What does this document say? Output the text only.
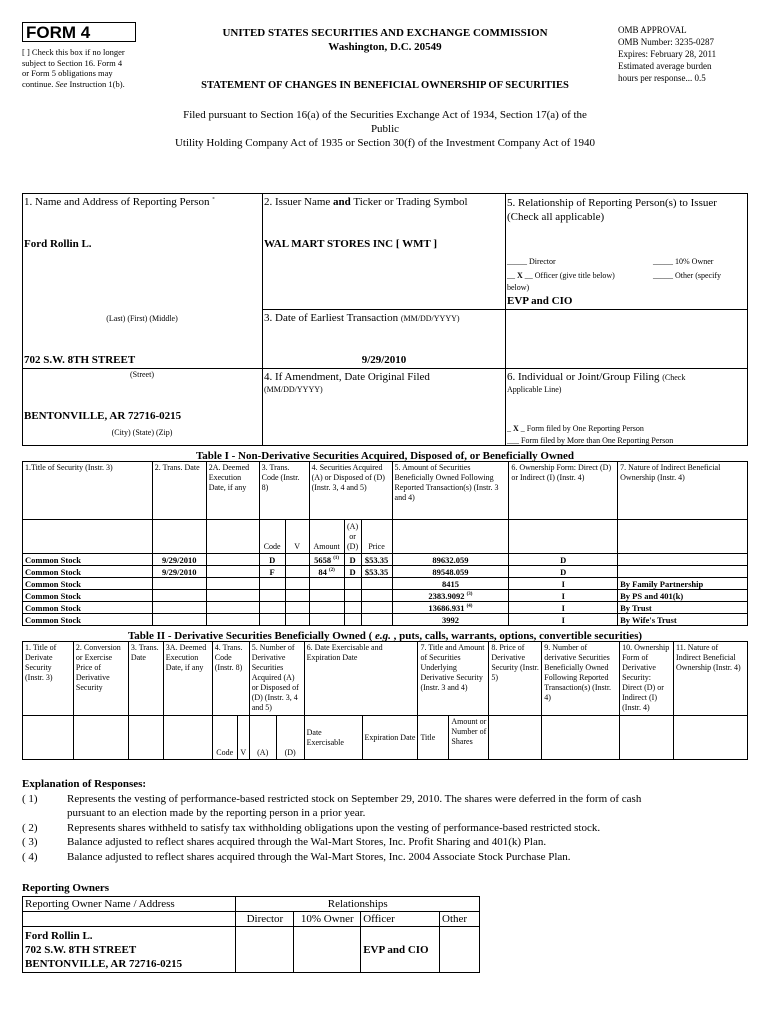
FORM 4
[ ] Check this box if no longer
subject to Section 16. Form 4
or Form 5 obligations may
continue. See Instruction 1(b).
UNITED STATES SECURITIES AND EXCHANGE COMMISSION
Washington, D.C. 20549
STATEMENT OF CHANGES IN BENEFICIAL OWNERSHIP OF SECURITIES
OMB APPROVAL
OMB Number: 3235-0287
Expires: February 28, 2011
Estimated average burden
hours per response... 0.5
Filed pursuant to Section 16(a) of the Securities Exchange Act of 1934, Section 17(a) of the
Public
Utility Holding Company Act of 1935 or Section 30(f) of the Investment Company Act of 1940
1. Name and Address of Reporting Person *
Ford Rollin L.
(Last) (First) (Middle)
702 S.W. 8TH STREET
(Street)
BENTONVILLE, AR 72716-0215
(City) (State) (Zip)
2. Issuer Name and Ticker or Trading Symbol
WAL MART STORES INC [ WMT ]
3. Date of Earliest Transaction (MM/DD/YYYY)
9/29/2010
4. If Amendment, Date Original Filed
(MM/DD/YYYY)
5. Relationship of Reporting Person(s) to Issuer
(Check all applicable)
_____ Director	_____ 10% Owner
__ X __ Officer (give title below)	_____ Other (specify
below)
EVP and CIO
6. Individual or Joint/Group Filing (Check
Applicable Line)
_ X _ Form filed by One Reporting Person
___ Form filed by More than One Reporting Person
Table I - Non-Derivative Securities Acquired, Disposed of, or Beneficially Owned
1.Title of Security (Instr. 3)	2. Trans. Date	2A. Deemed Execution Date, if any	3. Trans. Code (Instr. 8)		4. Securities Acquired (A) or Disposed of (D) (Instr. 3, 4 and 5)			5. Amount of Securities Beneficially Owned Following Reported Transaction(s) (Instr. 3 and 4)	6. Ownership Form: Direct (D) or Indirect (I) (Instr. 4)	7. Nature of Indirect Beneficial Ownership (Instr. 4)
			Code	V	Amount	(A) or (D)	Price			
Common Stock	9/29/2010		D		5658 $^{(1)}$	D	$53.35	89632.059	D	
Common Stock	9/29/2010		F		84 $^{(2)}$	D	$53.35	89548.059	D	
Common Stock								8415	I	By Family Partnership
Common Stock								2383.9092 $^{(3)}$	I	By PS and 401(k)
Common Stock								13686.931 $^{(4)}$	I	By Trust
Common Stock								3992	I	By Wife's Trust
Table II - Derivative Securities Beneficially Owned ( e.g. , puts, calls, warrants, options, convertible securities)
1. Title of Derivate Security (Instr. 3)	2. Conversion or Exercise Price of Derivative Security	3. Trans. Date	3A. Deemed Execution Date, if any	4. Trans. Code (Instr. 8)		5. Number of Derivative Securities Acquired (A) or Disposed of (D) (Instr. 3, 4 and 5)		6. Date Exercisable and Expiration Date		7. Title and Amount of Securities Underlying Derivative Security (Instr. 3 and 4)		8. Price of Derivative Security (Instr. 5)	9. Number of derivative Securities Beneficially Owned Following Reported Transaction(s) (Instr. 4)	10. Ownership Form of Derivative Security: Direct (D) or Indirect (I) (Instr. 4)	11. Nature of Indirect Beneficial Ownership (Instr. 4)
				Code	V	(A)	(D)	Date Exercisable	Expiration Date	Title	Amount or Number of Shares				
Explanation of Responses:
( 1)	Represents the vesting of performance-based restricted stock on September 29, 2010. The shares were deferred in the form of cash
pursuant to an election made by the reporting person in a prior year.
( 2)	Represents shares withheld to satisfy tax withholding obligations upon the vesting of performance-based restricted stock.
( 3)	Balance adjusted to reflect shares acquired through the Wal-Mart Stores, Inc. Profit Sharing and 401(k) Plan.
( 4)	Balance adjusted to reflect shares acquired through the Wal-Mart Stores, Inc. 2004 Associate Stock Purchase Plan.
Reporting Owners
Reporting Owner Name / Address	Relationships			
	Director	10% Owner	Officer	Other

Ford Rollin L.
702 S.W. 8TH STREET
BENTONVILLE, AR 72716-0215			EVP and CIO	
